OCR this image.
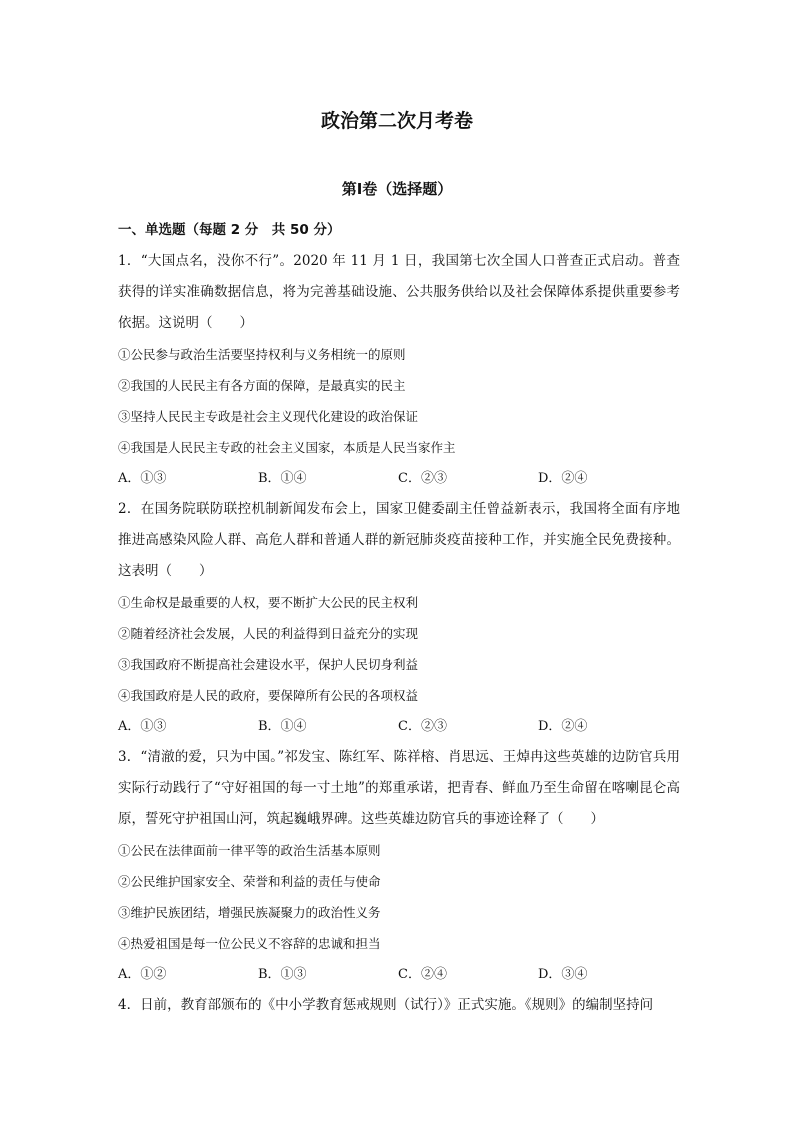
政治第二次月考卷
第Ⅰ卷（选择题）
一、单选题（每题 2 分　共 50 分）

1．“大国点名，没你不行”。2020 年 11 月 1 日，我国第七次全国人口普查正式启动。普查获得的详实准确数据信息，将为完善基础设施、公共服务供给以及社会保障体系提供重要参考依据。这说明（　　）

①公民参与政治生活要坚持权利与义务相统一的原则

②我国的人民民主有各方面的保障，是最真实的民主

③坚持人民民主专政是社会主义现代化建设的政治保证

④我国是人民民主专政的社会主义国家，本质是人民当家作主

A．①③	B．①④	C．②③	D．②④

2．在国务院联防联控机制新闻发布会上，国家卫健委副主任曾益新表示，我国将全面有序地推进高感染风险人群、高危人群和普通人群的新冠肺炎疫苗接种工作，并实施全民免费接种。这表明（　　）

①生命权是最重要的人权，要不断扩大公民的民主权利

②随着经济社会发展，人民的利益得到日益充分的实现

③我国政府不断提高社会建设水平，保护人民切身利益

④我国政府是人民的政府，要保障所有公民的各项权益

A．①③	B．①④	C．②③	D．②④

3．“清澈的爱，只为中国。”祁发宝、陈红军、陈祥榕、肖思远、王焯冉这些英雄的边防官兵用实际行动践行了“守好祖国的每一寸土地”的郑重承诺，把青春、鲜血乃至生命留在喀喇昆仑高原，誓死守护祖国山河，筑起巍峨界碑。这些英雄边防官兵的事迹诠释了（　　）

①公民在法律面前一律平等的政治生活基本原则

②公民维护国家安全、荣誉和利益的责任与使命

③维护民族团结，增强民族凝聚力的政治性义务

④热爱祖国是每一位公民义不容辞的忠诚和担当

A．①②	B．①③	C．②④	D．③④

4．日前，教育部颁布的《中小学教育惩戒规则（试行）》正式实施。《规则》的编制坚持问
